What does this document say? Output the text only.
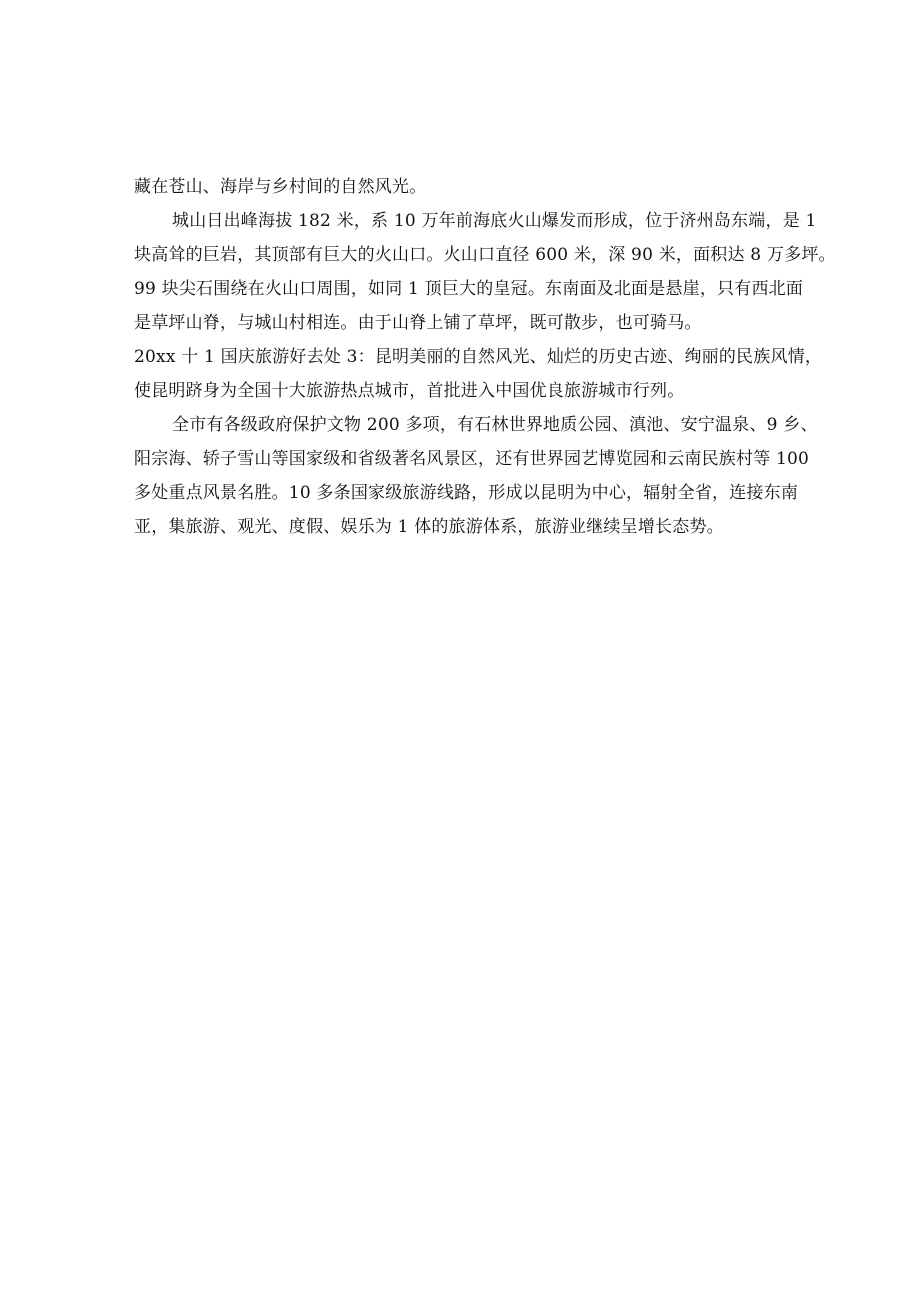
藏在苍山、海岸与乡村间的自然风光。
城山日出峰海拔 182 米，系 10 万年前海底火山爆发而形成，位于济州岛东端，是 1
块高耸的巨岩，其顶部有巨大的火山口。火山口直径 600 米，深 90 米，面积达 8 万多坪。
99 块尖石围绕在火山口周围，如同 1 顶巨大的皇冠。东南面及北面是悬崖，只有西北面
是草坪山脊，与城山村相连。由于山脊上铺了草坪，既可散步，也可骑马。
20xx 十 1 国庆旅游好去处 3：昆明美丽的自然风光、灿烂的历史古迹、绚丽的民族风情，
使昆明跻身为全国十大旅游热点城市，首批进入中国优良旅游城市行列。
全市有各级政府保护文物 200 多项，有石林世界地质公园、滇池、安宁温泉、9 乡、
阳宗海、轿子雪山等国家级和省级著名风景区，还有世界园艺博览园和云南民族村等 100
多处重点风景名胜。10 多条国家级旅游线路，形成以昆明为中心，辐射全省，连接东南
亚，集旅游、观光、度假、娱乐为 1 体的旅游体系，旅游业继续呈增长态势。
